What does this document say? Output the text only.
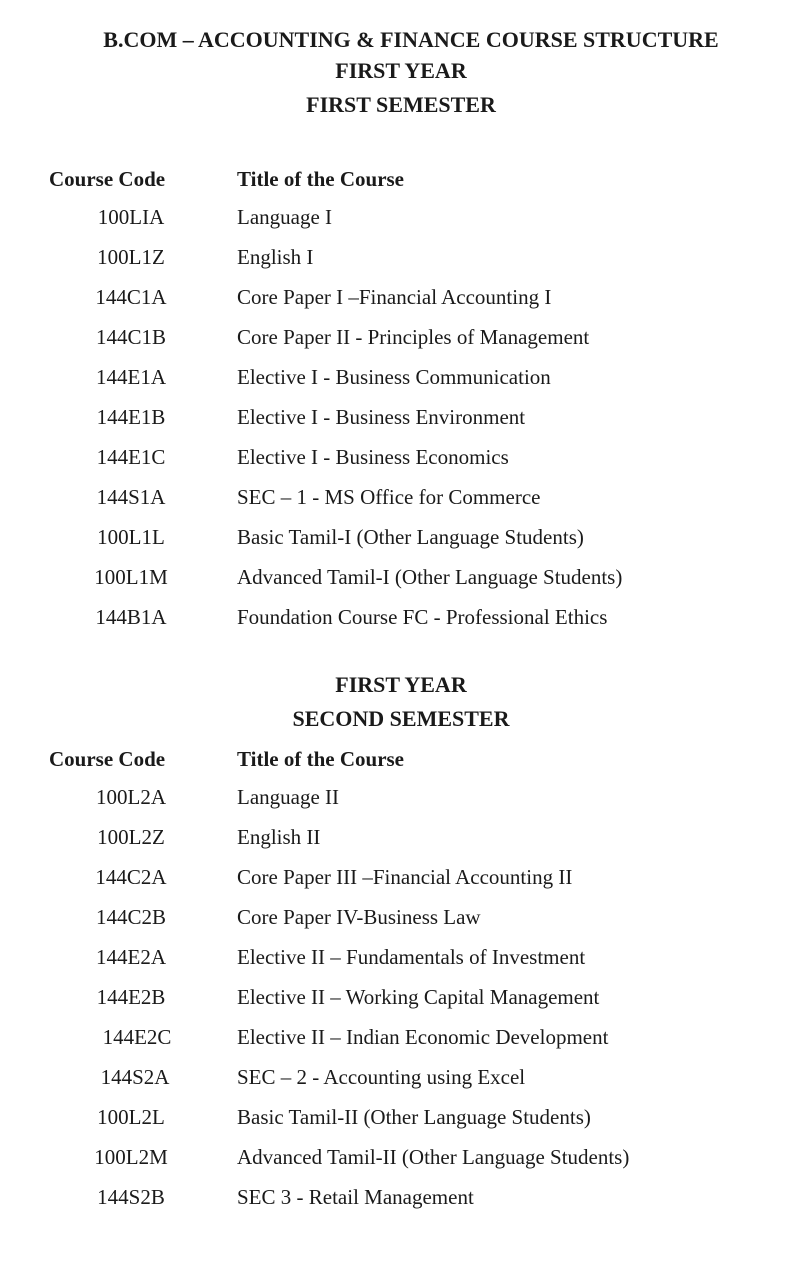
B.COM – ACCOUNTING & FINANCE COURSE STRUCTURE
FIRST YEAR
FIRST SEMESTER
Course Code	Title of the Course
100LIA	Language I
100L1Z	English I
144C1A	Core Paper I –Financial Accounting I
144C1B	Core Paper II - Principles of Management
144E1A	Elective I - Business Communication
144E1B	Elective I - Business Environment
144E1C	Elective I - Business Economics
144S1A	SEC – 1 - MS Office for Commerce
100L1L	Basic Tamil-I (Other Language Students)
100L1M	Advanced Tamil-I (Other Language Students)
144B1A	Foundation Course FC - Professional Ethics
FIRST YEAR
SECOND SEMESTER
Course Code	Title of the Course
100L2A	Language II
100L2Z	English II
144C2A	Core Paper III –Financial Accounting II
144C2B	Core Paper IV-Business Law
144E2A	Elective II – Fundamentals of Investment
144E2B	Elective II – Working Capital Management
144E2C	Elective II – Indian Economic Development
144S2A	SEC – 2 - Accounting using Excel
100L2L	Basic Tamil-II (Other Language Students)
100L2M	Advanced Tamil-II (Other Language Students)
144S2B	SEC 3 - Retail Management
